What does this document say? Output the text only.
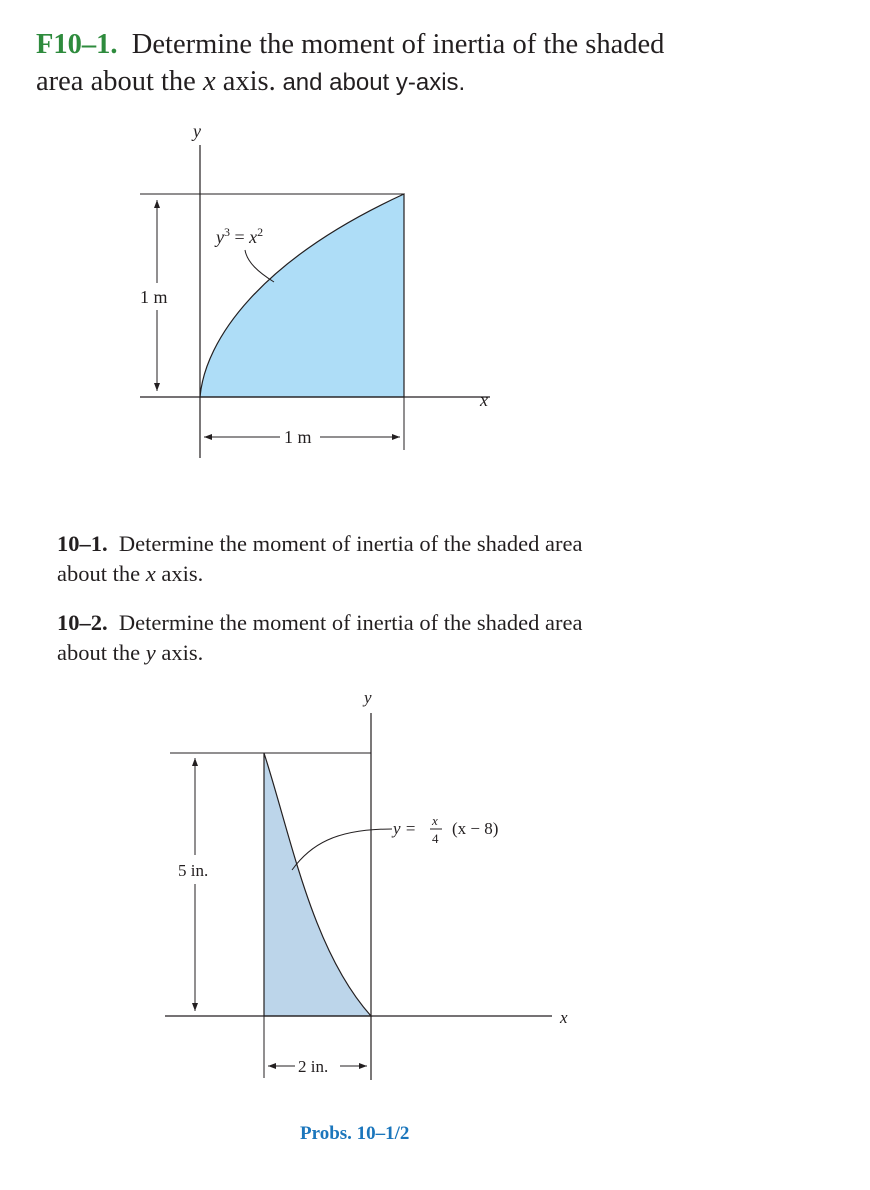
F10–1. Determine the moment of inertia of the shaded
area about the x axis. and about y-axis.
1 m
1 m
y
x
$y^3 = x^2$
10–1. Determine the moment of inertia of the shaded area
about the x axis.
10–2. Determine the moment of inertia of the shaded area
about the y axis.
5 in.
2 in.
y
x
y = x
4
(x − 8)
Probs. 10–1/2
